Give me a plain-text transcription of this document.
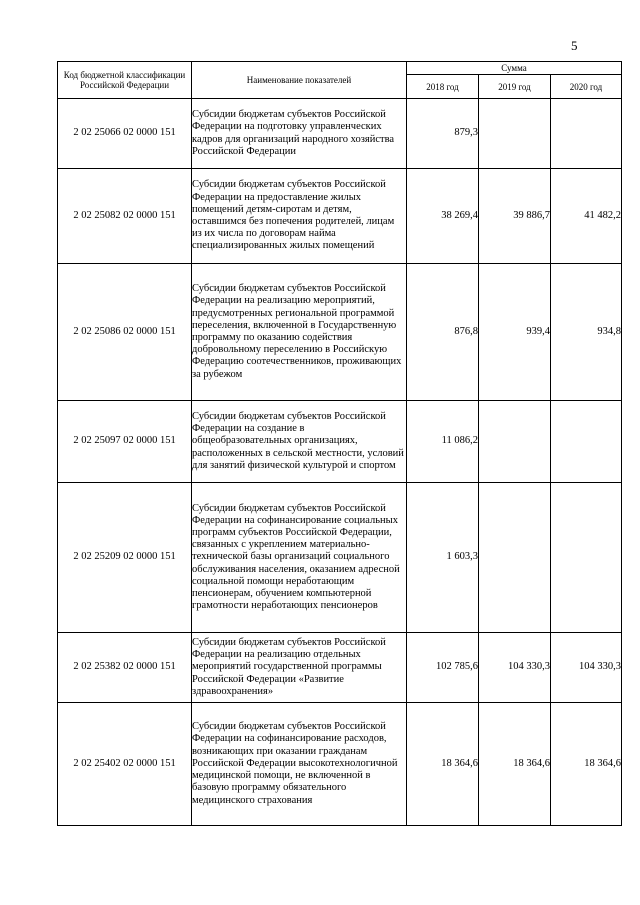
5
Код бюджетной классификации Российской Федерации	Наименование показателей	Сумма		
		2018 год	2019 год	2020 год
2 02 25066 02 0000 151	Субсидии бюджетам субъектов Российской Федерации на подготовку управленческих кадров для организаций народного хозяйства Российской Федерации	879,3		
2 02 25082 02 0000 151	Субсидии бюджетам субъектов Российской Федерации на предоставление жилых помещений детям-сиротам и детям, оставшимся без попечения родителей, лицам из их числа по договорам найма специализированных жилых помещений	38 269,4	39 886,7	41 482,2
2 02 25086 02 0000 151	Субсидии бюджетам субъектов Российской Федерации на реализацию мероприятий, предусмотренных региональной программой переселения, включенной в Государственную программу по оказанию содействия добровольному переселению в Российскую Федерацию соотечественников, проживающих за рубежом	876,8	939,4	934,8
2 02 25097 02 0000 151	Субсидии бюджетам субъектов Российской Федерации на создание в общеобразовательных организациях, расположенных в сельской местности, условий для занятий физической культурой и спортом	11 086,2		
2 02 25209 02 0000 151	Субсидии бюджетам субъектов Российской Федерации на софинансирование социальных программ субъектов Российской Федерации, связанных с укреплением материально-технической базы организаций социального обслуживания населения, оказанием адресной социальной помощи неработающим пенсионерам, обучением компьютерной грамотности неработающих пенсионеров	1 603,3		
2 02 25382 02 0000 151	Субсидии бюджетам субъектов Российской Федерации на реализацию отдельных мероприятий государственной программы Российской Федерации «Развитие здравоохранения»	102 785,6	104 330,3	104 330,3
2 02 25402 02 0000 151	Субсидии бюджетам субъектов Российской Федерации на софинансирование расходов, возникающих при оказании гражданам Российской Федерации высокотехнологичной медицинской помощи, не включенной в базовую программу обязательного медицинского страхования	18 364,6	18 364,6	18 364,6
